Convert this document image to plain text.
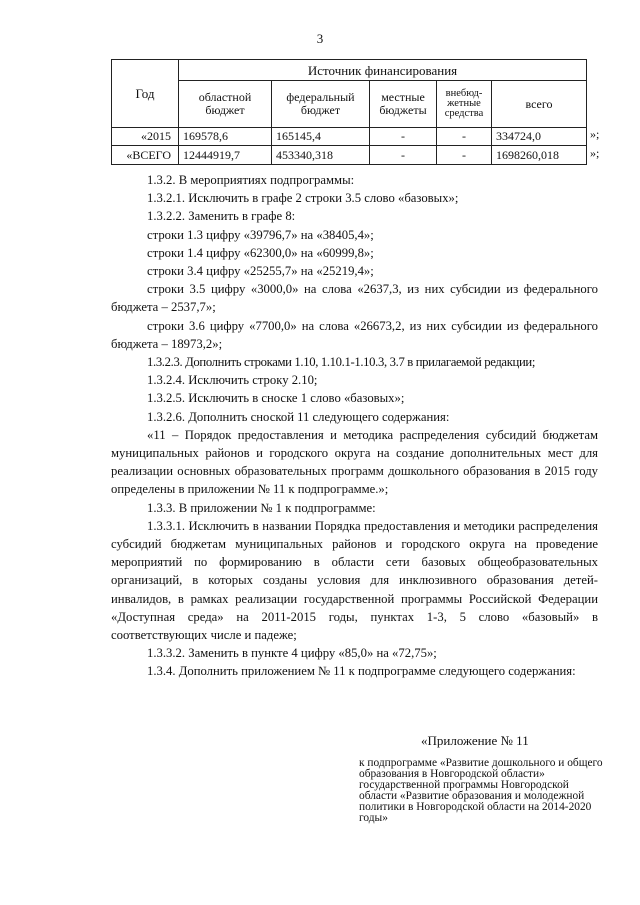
3
Год	Источник финансирования				
	областной бюджет	федеральный бюджет	местные бюджеты	внебюд-жетные средства	всего
«2015	169578,6	165145,4	-	-	334724,0
«ВСЕГО	12444919,7	453340,318	-	-	1698260,018
»;
»;

1.3.2. В мероприятиях подпрограммы:

1.3.2.1. Исключить в графе 2 строки 3.5 слово «базовых»;

1.3.2.2. Заменить в графе 8:

строки 1.3 цифру «39796,7» на «38405,4»;

строки 1.4 цифру «62300,0» на «60999,8»;

строки 3.4 цифру «25255,7» на «25219,4»;

строки 3.5 цифру «3000,0» на слова «2637,3, из них субсидии из федерального бюджета – 2537,7»;

строки 3.6 цифру «7700,0» на слова «26673,2, из них субсидии из федерального бюджета – 18973,2»;

1.3.2.3. Дополнить строками 1.10, 1.10.1-1.10.3, 3.7 в прилагаемой редакции;

1.3.2.4. Исключить строку 2.10;

1.3.2.5. Исключить в сноске 1 слово «базовых»;

1.3.2.6. Дополнить сноской 11 следующего содержания:

«11 – Порядок предоставления и методика распределения субсидий бюджетам муниципальных районов и городского округа на создание дополнительных мест для реализации основных образовательных программ дошкольного образования в 2015 году определены в приложении № 11 к подпрограмме.»;

1.3.3. В приложении № 1 к подпрограмме:

1.3.3.1. Исключить в названии Порядка предоставления и методики распределения субсидий бюджетам муниципальных районов и городского округа на проведение мероприятий по формированию в области сети базовых общеобразовательных организаций, в которых созданы условия для инклюзивного образования детей-инвалидов, в рамках реализации государственной программы Российской Федерации «Доступная среда» на 2011-2015 годы, пунктах 1-3, 5 слово «базовый» в соответствующих числе и падеже;

1.3.3.2. Заменить в пункте 4 цифру «85,0» на «72,75»;

1.3.4. Дополнить приложением № 11 к подпрограмме следующего содержания:

«Приложение № 11

к подпрограмме «Развитие дошкольного и общего образования в Новгородской области» государственной программы Новгородской области «Развитие образования и молодежной политики в Новгородской области на 2014-2020 годы»
